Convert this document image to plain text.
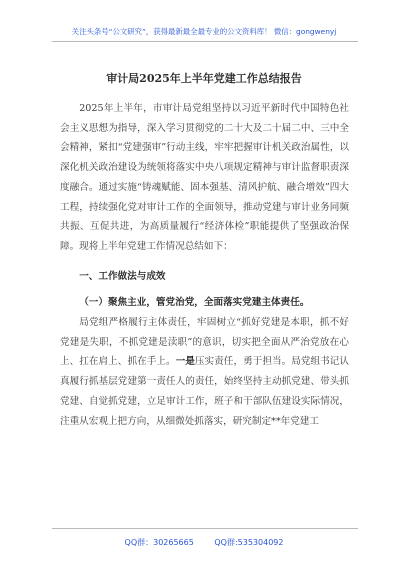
关注头条号“公文研究”，获得最新最全最专业的公文资料库！ 微信：gongwenyj
审计局2025年上半年党建工作总结报告

2025年上半年，市审计局党组坚持以习近平新时代中国特色社会主义思想为指导，深入学习贯彻党的二十大及二十届二中、三中全会精神，紧扣“党建强审”行动主线，牢牢把握审计机关政治属性，以深化机关政治建设为统领将落实中央八项规定精神与审计监督职责深度融合。通过实施“铸魂赋能、固本强基、清风护航、融合增效”四大工程，持续强化党对审计工作的全面领导，推动党建与审计业务同频共振、互促共进，为高质量履行“经济体检”职能提供了坚强政治保障。现将上半年党建工作情况总结如下：

一、工作做法与成效

（一）聚焦主业，管党治党，全面落实党建主体责任。

局党组严格履行主体责任，牢固树立“抓好党建是本职，抓不好党建是失职，不抓党建是渎职”的意识，切实把全面从严治党放在心上、扛在肩上、抓在手上。一是压实责任，勇于担当。局党组书记认真履行抓基层党建第一责任人的责任，始终坚持主动抓党建、带头抓党建、自觉抓党建，立足审计工作，班子和干部队伍建设实际情况，注重从宏观上把方向，从细微处抓落实，研究制定**年党建工

QQ群：30265665	QQ群:535304092
